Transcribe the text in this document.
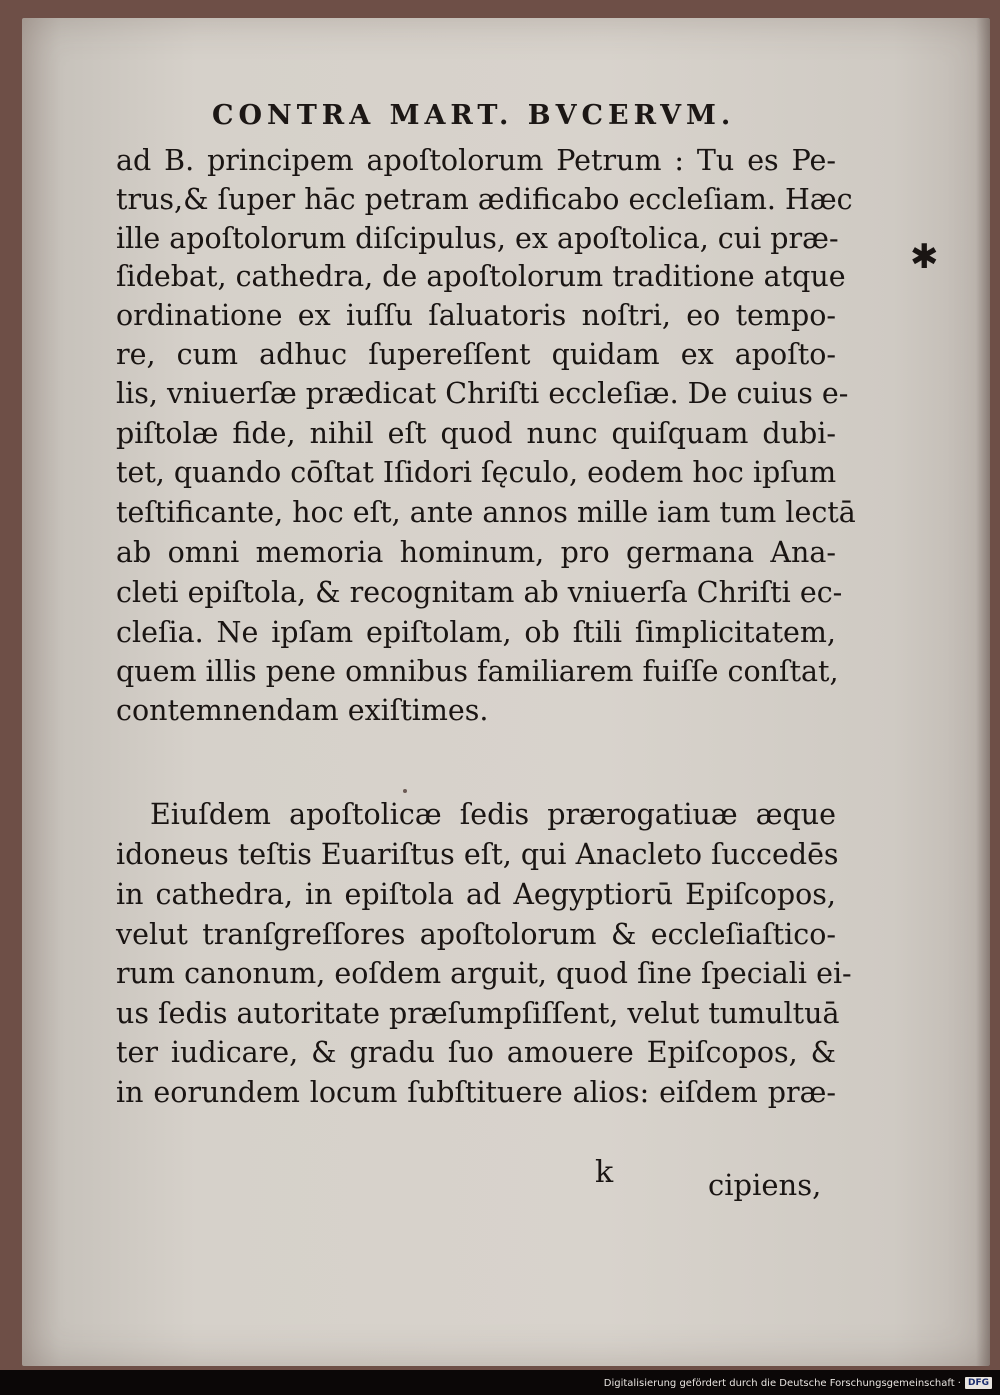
CONTRA MART. BVCERVM.
ad B. principem apoſtolorum Petrum : Tu es Pe‐
trus,& ſuper hāc petram ædificabo eccleſiam. Hæc
ille apoſtolorum diſcipulus, ex apoſtolica, cui præ‐
ſidebat, cathedra, de apoſtolorum traditione atque
ordinatione ex iuſſu ſaluatoris noſtri, eo tempo‐
re, cum adhuc ſupereſſent quidam ex apoſto‐
lis, vniuerſæ prædicat Chriſti eccleſiæ. De cuius e‐
piſtolæ fide, nihil eſt quod nunc quiſquam dubi‐
tet, quando cōſtat Iſidori ſęculo, eodem hoc ipſum
teſtificante, hoc eſt, ante annos mille iam tum lectā
ab omni memoria hominum, pro germana Ana‐
cleti epiſtola, & recognitam ab vniuerſa Chriſti ec‐
cleſia. Ne ipſam epiſtolam, ob ſtili ſimplicitatem,
quem illis pene omnibus familiarem fuiſſe conſtat,
contemnendam exiſtimes.
Eiuſdem apoſtolicæ ſedis prærogatiuæ æque
idoneus teſtis Euariſtus eſt, qui Anacleto ſuccedēs
in cathedra, in epiſtola ad Aegyptiorū Epiſcopos,
velut tranſgreſſores apoſtolorum & eccleſiaſtico‐
rum canonum, eoſdem arguit, quod ſine ſpeciali ei‐
us ſedis autoritate præſumpſiſſent, velut tumultuā
ter iudicare, & gradu ſuo amouere Epiſcopos, &
in eorundem locum ſubſtituere alios: eiſdem præ‐
✱
k	cipiens,
Digitalisierung gefördert durch die Deutsche Forschungsgemeinschaft · DFG
